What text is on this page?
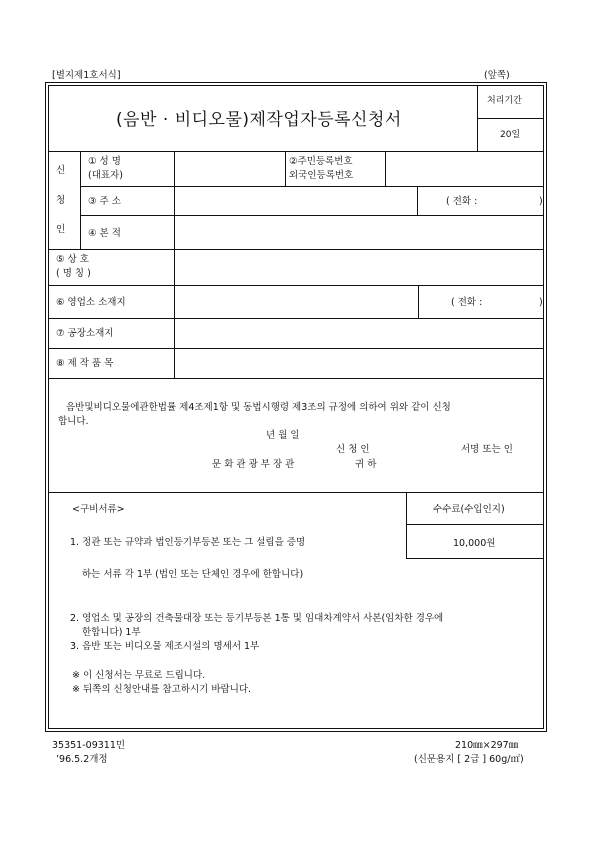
[별지제1호서식]	(앞쪽)
(음반 · 비디오물)제작업자등록신청서
처리기간
20일
신
청
인
① 성 명
(대표자)
②주민등록번호
외국인등록번호
③ 주 소	( 전화 :	)
④ 본 적
⑤ 상 호
( 명 칭 )
⑥ 영업소 소재지	( 전화 :	)
⑦ 공장소재지
⑧ 제 작 품 목
음반및비디오물에관한법률 제4조제1항 및 동법시행령 제3조의 규정에 의하여 위와 같이 신청
합니다.
년 월 일
신 청 인	서명 또는 인
문 화 관 광 부 장 관	귀 하
<구비서류>	수수료(수입인지)
10,000원
1. 정관 또는 규약과 법인등기부등본 또는 그 설립을 증명
하는 서류 각 1부 (법인 또는 단체인 경우에 한합니다)
2. 영업소 및 공장의 건축물대장 또는 등기부등본 1통 및 임대차계약서 사본(임차한 경우에
한합니다) 1부
3. 음반 또는 비디오물 제조시설의 명세서 1부
※ 이 신청서는 무료로 드립니다.
※ 뒤쪽의 신청안내를 참고하시기 바랍니다.
35351-09311민
’96.5.2개정
210㎜×297㎜
(신문용지 [ 2급 ] 60g/㎡)
